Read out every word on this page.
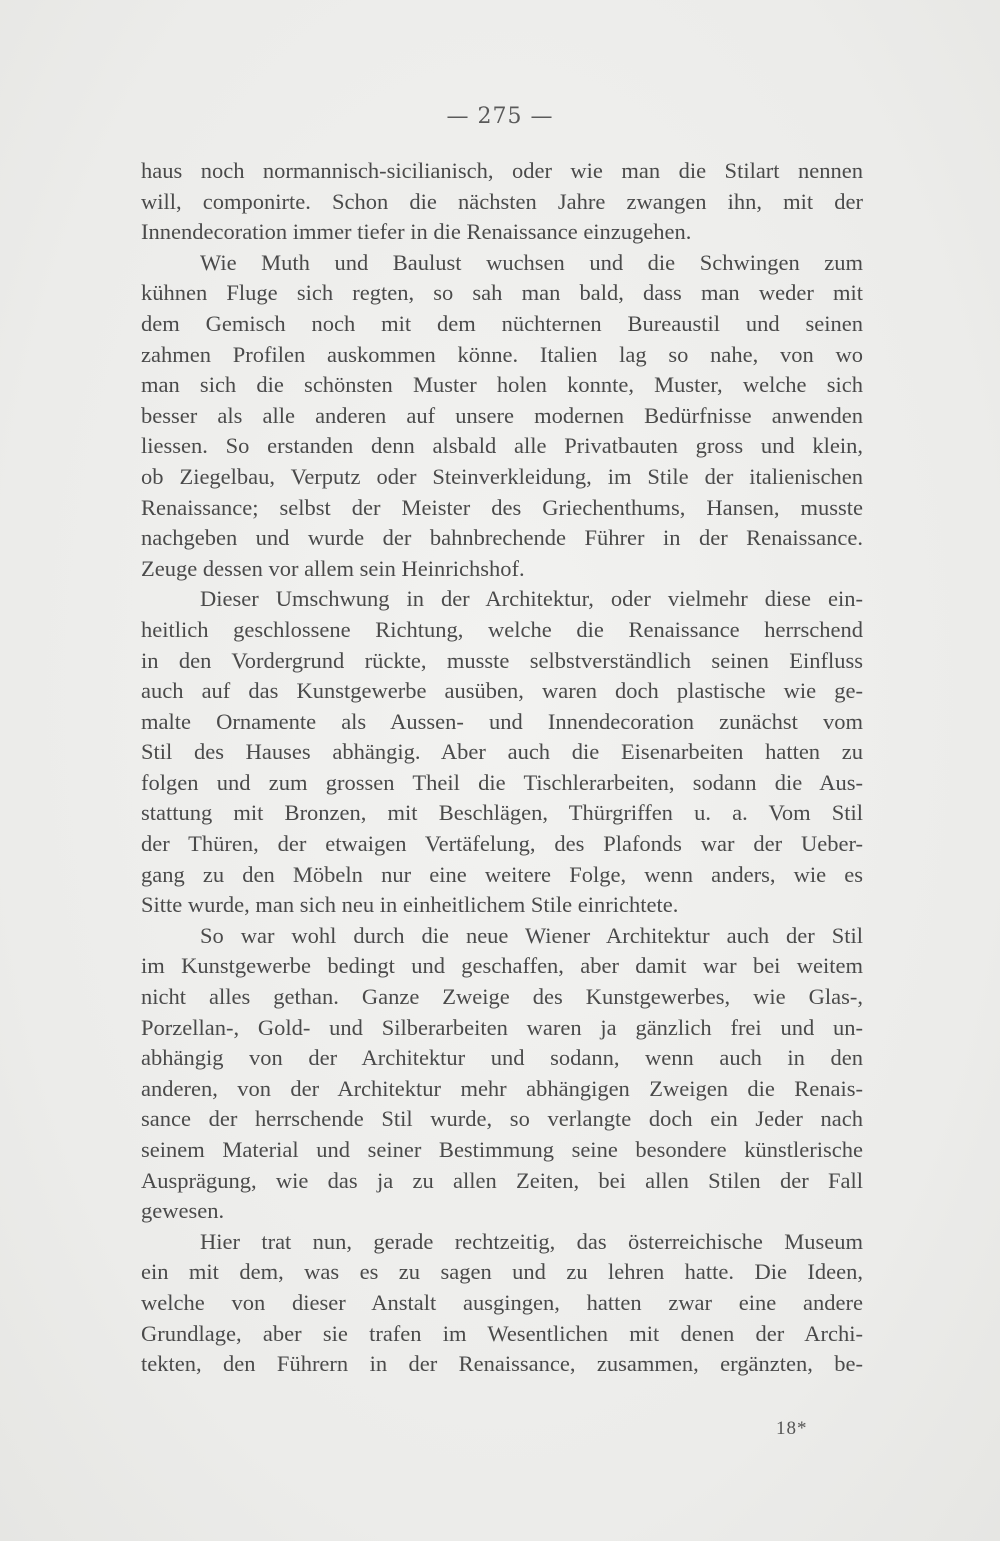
— 275 —
haus noch normannisch-sicilianisch, oder wie man die Stilart nennen
will, componirte. Schon die nächsten Jahre zwangen ihn, mit der
Innendecoration immer tiefer in die Renaissance einzugehen.
Wie Muth und Baulust wuchsen und die Schwingen zum
kühnen Fluge sich regten, so sah man bald, dass man weder mit
dem Gemisch noch mit dem nüchternen Bureaustil und seinen
zahmen Profilen auskommen könne. Italien lag so nahe, von wo
man sich die schönsten Muster holen konnte, Muster, welche sich
besser als alle anderen auf unsere modernen Bedürfnisse anwenden
liessen. So erstanden denn alsbald alle Privatbauten gross und klein,
ob Ziegelbau, Verputz oder Steinverkleidung, im Stile der italienischen
Renaissance; selbst der Meister des Griechenthums, Hansen, musste
nachgeben und wurde der bahnbrechende Führer in der Renaissance.
Zeuge dessen vor allem sein Heinrichshof.
Dieser Umschwung in der Architektur, oder vielmehr diese ein-
heitlich geschlossene Richtung, welche die Renaissance herrschend
in den Vordergrund rückte, musste selbstverständlich seinen Einfluss
auch auf das Kunstgewerbe ausüben, waren doch plastische wie ge-
malte Ornamente als Aussen- und Innendecoration zunächst vom
Stil des Hauses abhängig. Aber auch die Eisenarbeiten hatten zu
folgen und zum grossen Theil die Tischlerarbeiten, sodann die Aus-
stattung mit Bronzen, mit Beschlägen, Thürgriffen u. a. Vom Stil
der Thüren, der etwaigen Vertäfelung, des Plafonds war der Ueber-
gang zu den Möbeln nur eine weitere Folge, wenn anders, wie es
Sitte wurde, man sich neu in einheitlichem Stile einrichtete.
So war wohl durch die neue Wiener Architektur auch der Stil
im Kunstgewerbe bedingt und geschaffen, aber damit war bei weitem
nicht alles gethan. Ganze Zweige des Kunstgewerbes, wie Glas-,
Porzellan-, Gold- und Silberarbeiten waren ja gänzlich frei und un-
abhängig von der Architektur und sodann, wenn auch in den
anderen, von der Architektur mehr abhängigen Zweigen die Renais-
sance der herrschende Stil wurde, so verlangte doch ein Jeder nach
seinem Material und seiner Bestimmung seine besondere künstlerische
Ausprägung, wie das ja zu allen Zeiten, bei allen Stilen der Fall
gewesen.
Hier trat nun, gerade rechtzeitig, das österreichische Museum
ein mit dem, was es zu sagen und zu lehren hatte. Die Ideen,
welche von dieser Anstalt ausgingen, hatten zwar eine andere
Grundlage, aber sie trafen im Wesentlichen mit denen der Archi-
tekten, den Führern in der Renaissance, zusammen, ergänzten, be-
18*
